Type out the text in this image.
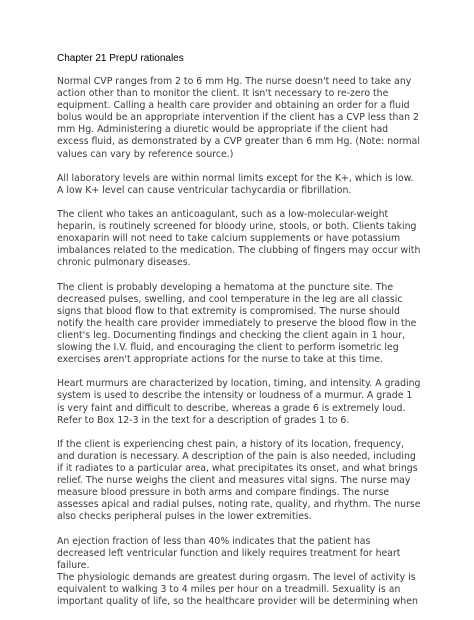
Chapter 21 PrepU rationales

Normal CVP ranges from 2 to 6 mm Hg. The nurse doesn't need to take any
action other than to monitor the client. It isn't necessary to re-zero the
equipment. Calling a health care provider and obtaining an order for a fluid
bolus would be an appropriate intervention if the client has a CVP less than 2
mm Hg. Administering a diuretic would be appropriate if the client had
excess fluid, as demonstrated by a CVP greater than 6 mm Hg. (Note: normal
values can vary by reference source.)

All laboratory levels are within normal limits except for the K+, which is low.
A low K+ level can cause ventricular tachycardia or fibrillation.

The client who takes an anticoagulant, such as a low-molecular-weight
heparin, is routinely screened for bloody urine, stools, or both. Clients taking
enoxaparin will not need to take calcium supplements or have potassium
imbalances related to the medication. The clubbing of fingers may occur with
chronic pulmonary diseases.

The client is probably developing a hematoma at the puncture site. The
decreased pulses, swelling, and cool temperature in the leg are all classic
signs that blood flow to that extremity is compromised. The nurse should
notify the health care provider immediately to preserve the blood flow in the
client's leg. Documenting findings and checking the client again in 1 hour,
slowing the I.V. fluid, and encouraging the client to perform isometric leg
exercises aren't appropriate actions for the nurse to take at this time.

Heart murmurs are characterized by location, timing, and intensity. A grading
system is used to describe the intensity or loudness of a murmur. A grade 1
is very faint and difficult to describe, whereas a grade 6 is extremely loud.
Refer to Box 12-3 in the text for a description of grades 1 to 6.

If the client is experiencing chest pain, a history of its location, frequency,
and duration is necessary. A description of the pain is also needed, including
if it radiates to a particular area, what precipitates its onset, and what brings
relief. The nurse weighs the client and measures vital signs. The nurse may
measure blood pressure in both arms and compare findings. The nurse
assesses apical and radial pulses, noting rate, quality, and rhythm. The nurse
also checks peripheral pulses in the lower extremities.

An ejection fraction of less than 40% indicates that the patient has
decreased left ventricular function and likely requires treatment for heart
failure.

The physiologic demands are greatest during orgasm. The level of activity is
equivalent to walking 3 to 4 miles per hour on a treadmill. Sexuality is an
important quality of life, so the healthcare provider will be determining when
